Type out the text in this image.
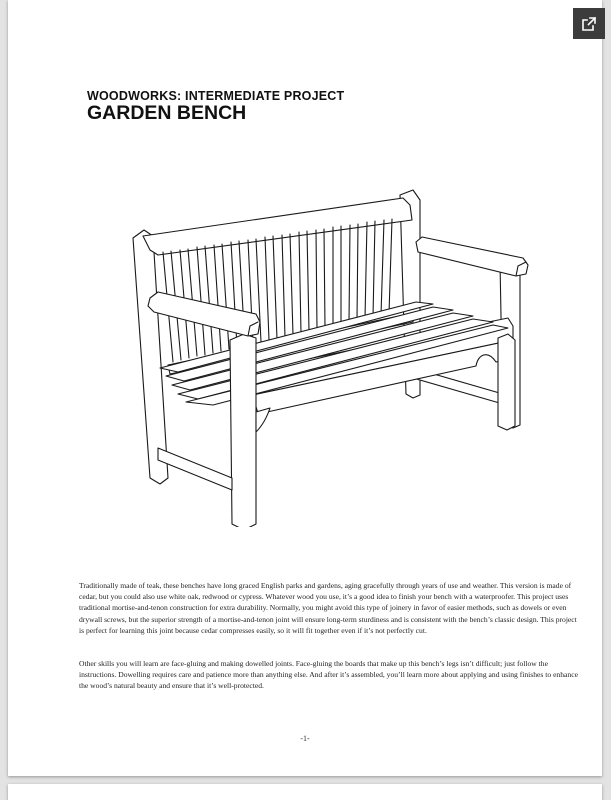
WOODWORKS: INTERMEDIATE PROJECT
GARDEN BENCH

Traditionally made of teak, these benches have long graced English parks and gardens, aging gracefully through years of use and weather. This version is made of cedar, but you could also use white oak, redwood or cypress. Whatever wood you use, it’s a good idea to finish your bench with a waterproofer. This project uses traditional mortise-and-tenon construction for extra durability. Normally, you might avoid this type of joinery in favor of easier methods, such as dowels or even drywall screws, but the superior strength of a mortise-and-tenon joint will ensure long-term sturdiness and is consistent with the bench’s classic design. This project is perfect for learning this joint because cedar compresses easily, so it will fit together even if it’s not perfectly cut.

Other skills you will learn are face-gluing and making dowelled joints. Face-gluing the boards that make up this bench’s legs isn’t difficult; just follow the instructions. Dowelling requires care and patience more than anything else. And after it’s assembled, you’ll learn more about applying and using finishes to enhance the wood’s natural beauty and ensure that it’s well-protected.

-1-
